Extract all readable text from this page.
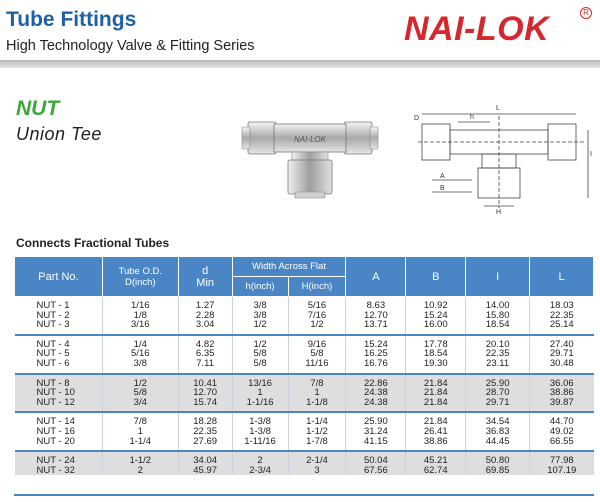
Tube Fittings
High Technology Valve & Fitting Series	NAI-LOK	R
NUT
Union Tee	NAI-LOK
A
B
D	h
H
I
L
Connects Fractional Tubes
Part No.	Tube O.D.
D(inch)	d
Min	Width Across Flat		A	B	I	L
			h(inch)	H(inch)				
NUT - 1	1/16	1.27	3/8	5/16	8.63	10.92	14.00	18.03
NUT - 2	1/8	2.28	3/8	7/16	12.70	15.24	15.80	22.35
NUT - 3	3/16	3.04	1/2	1/2	13.71	16.00	18.54	25.14
NUT - 4	1/4	4.82	1/2	9/16	15.24	17.78	20.10	27.40
NUT - 5	5/16	6.35	5/8	5/8	16.25	18.54	22.35	29.71
NUT - 6	3/8	7.11	5/8	11/16	16.76	19.30	23.11	30.48
NUT - 8	1/2	10.41	13/16	7/8	22.86	21.84	25.90	36.06
NUT - 10	5/8	12.70	1	1	24.38	21.84	28.70	38.86
NUT - 12	3/4	15.74	1-1/16	1-1/8	24.38	21.84	29.71	39.87
NUT - 14	7/8	18.28	1-3/8	1-1/4	25.90	21.84	34.54	44.70
NUT - 16	1	22.35	1-3/8	1-1/2	31.24	26.41	36.83	49.02
NUT - 20	1-1/4	27.69	1-11/16	1-7/8	41.15	38.86	44.45	66.55
NUT - 24	1-1/2	34.04	2	2-1/4	50.04	45.21	50.80	77.98
NUT - 32	2	45.97	2-3/4	3	67.56	62.74	69.85	107.19
